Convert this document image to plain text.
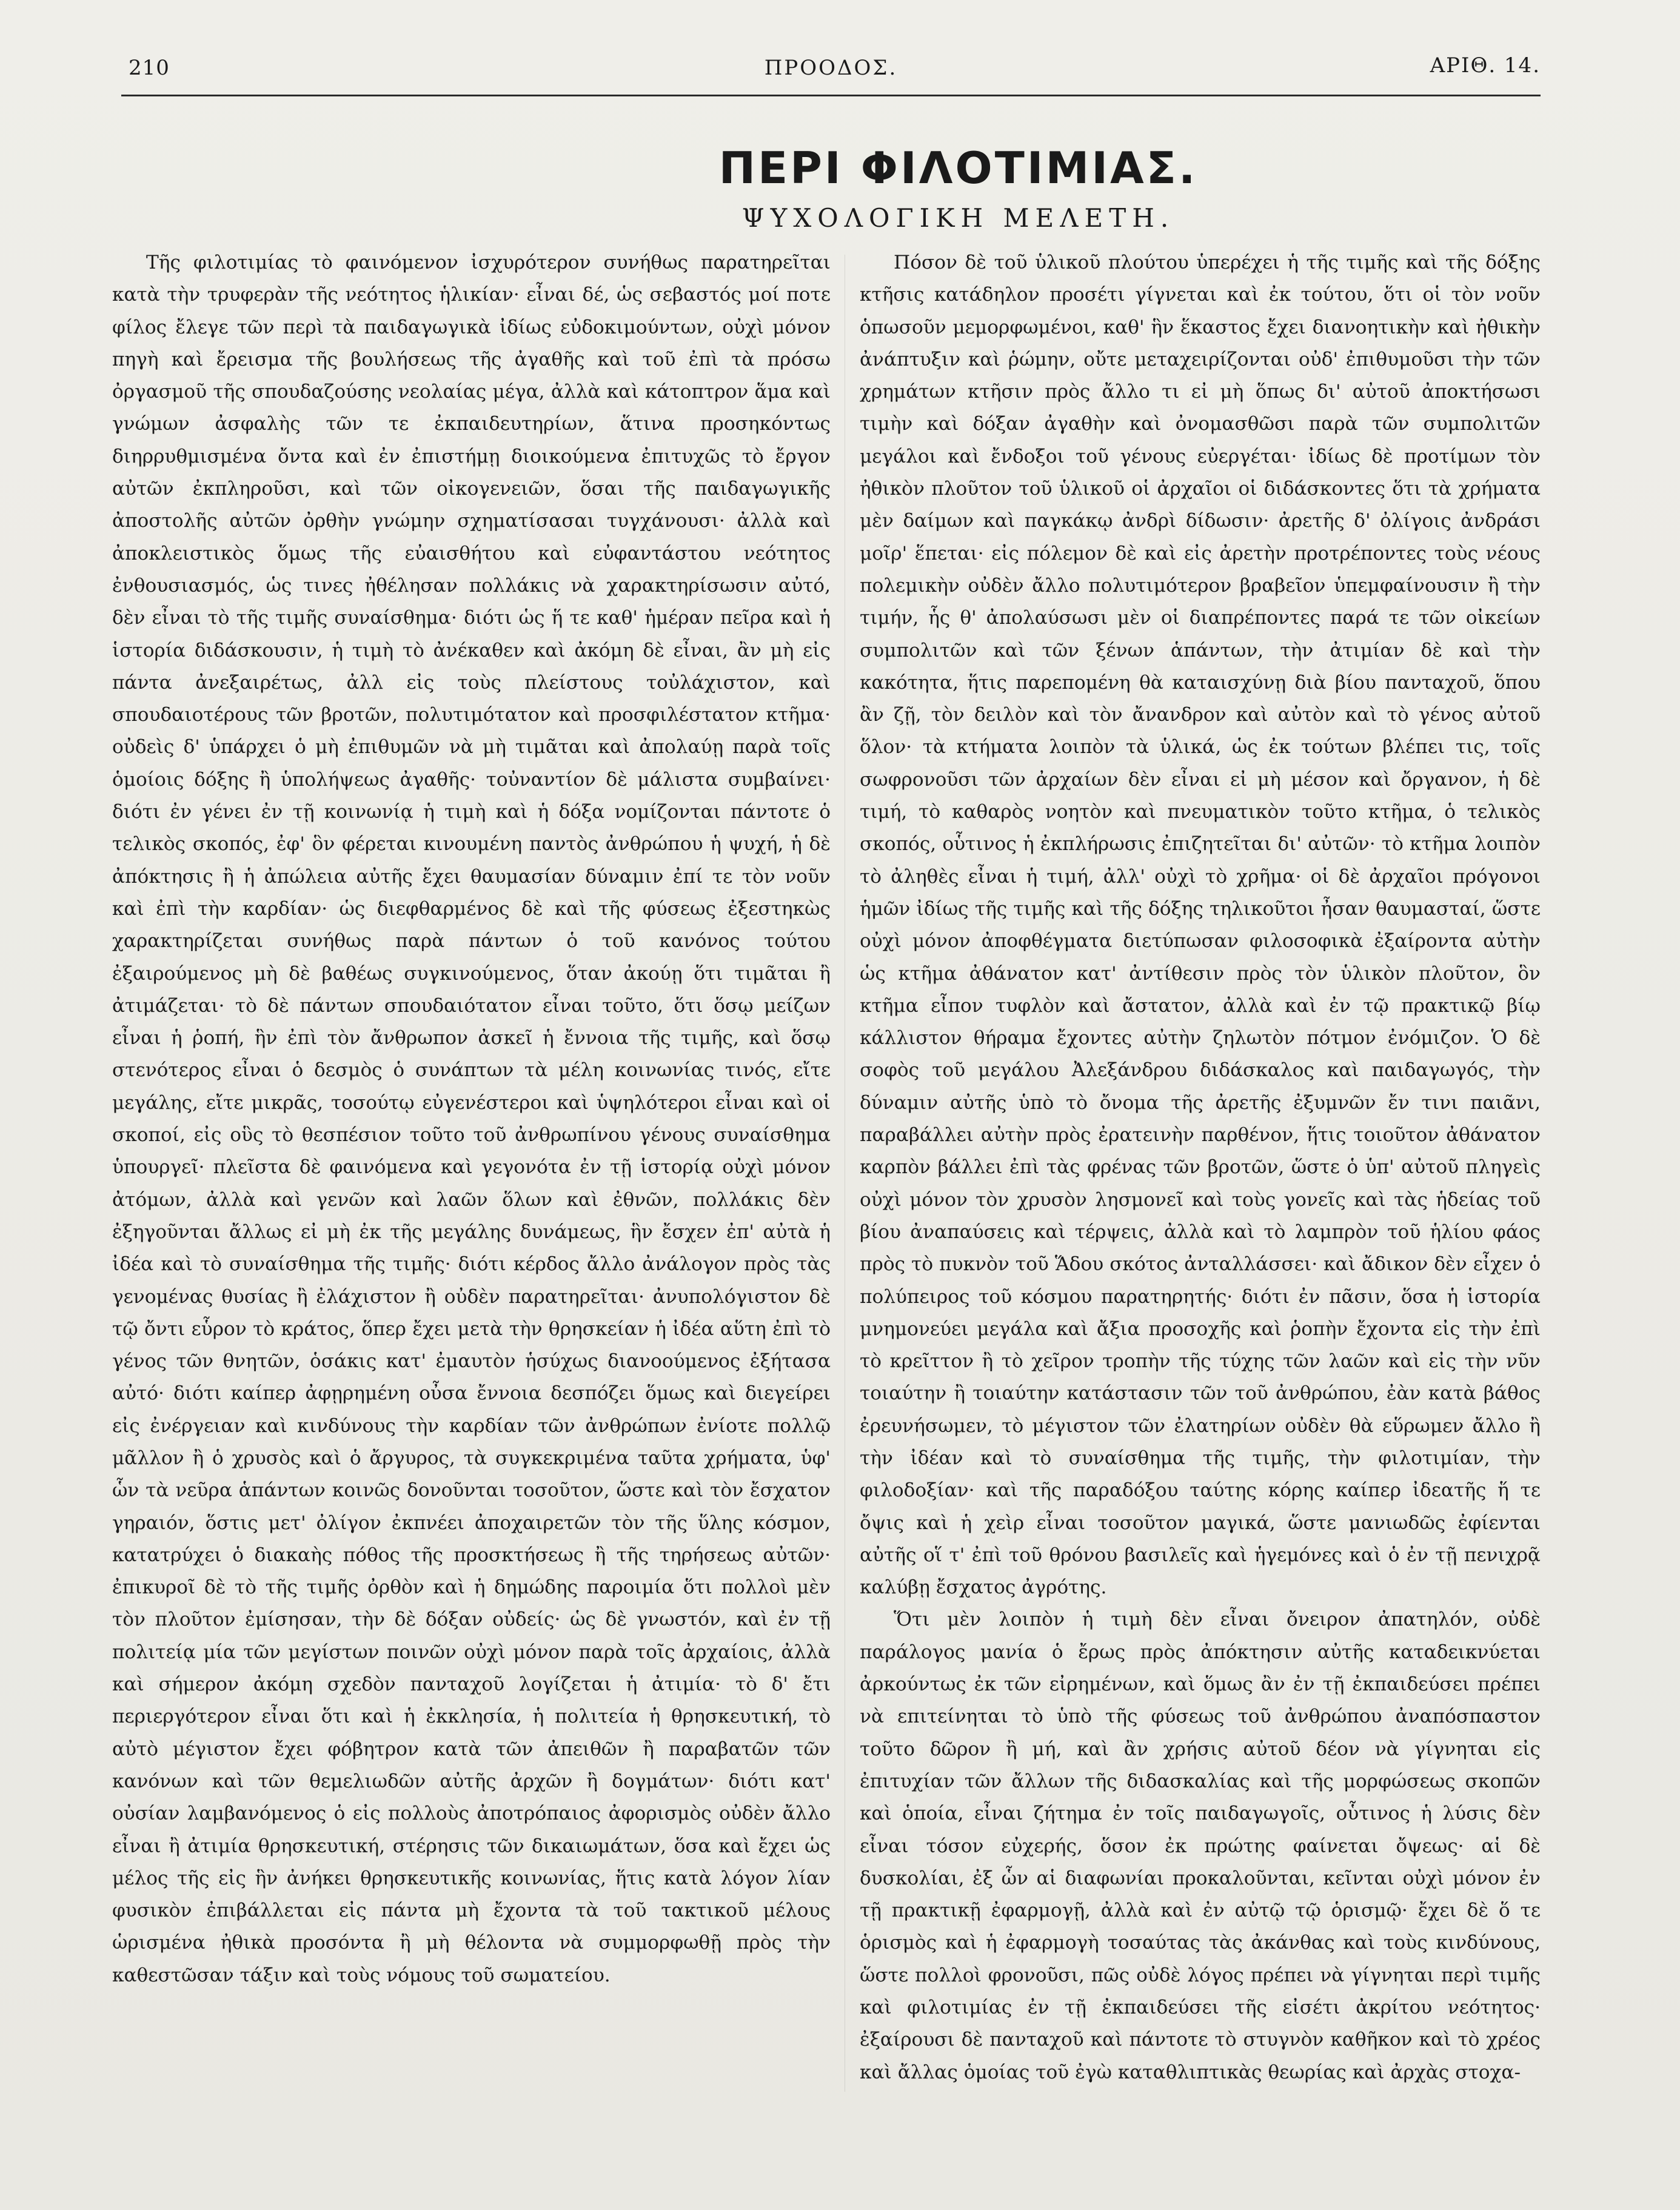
210	ΠΡΟΟΔΟΣ.	ΑΡΙΘ. 14.
ΠΕΡΙ ΦΙΛΟΤΙΜΙΑΣ.
ΨΥΧΟΛΟΓΙΚΗ ΜΕΛΕΤΗ.

Τῆς φιλοτιμίας τὸ φαινόμενον ἰσχυρότερον συνήθως παρατηρεῖται κατὰ τὴν τρυφερὰν τῆς νεότητος ἡλικίαν· εἶναι δέ, ὡς σεβαστός μοί ποτε φίλος ἔλεγε τῶν περὶ τὰ παιδαγωγικὰ ἰδίως εὐδοκιμούντων, οὐχὶ μόνον πηγὴ καὶ ἔρεισμα τῆς βουλήσεως τῆς ἀγαθῆς καὶ τοῦ ἐπὶ τὰ πρόσω ὀργασμοῦ τῆς σπουδαζούσης νεολαίας μέγα, ἀλλὰ καὶ κάτοπτρον ἅμα καὶ γνώμων ἀσφαλὴς τῶν τε ἐκπαιδευτηρίων, ἅτινα προσηκόντως διηρρυθμισμένα ὄντα καὶ ἐν ἐπιστήμῃ διοικούμενα ἐπιτυχῶς τὸ ἔργον αὐτῶν ἐκπληροῦσι, καὶ τῶν οἰκογενειῶν, ὅσαι τῆς παιδαγωγικῆς ἀποστολῆς αὐτῶν ὀρθὴν γνώμην σχηματίσασαι τυγχάνουσι· ἀλλὰ καὶ ἀποκλειστικὸς ὅμως τῆς εὐαισθήτου καὶ εὐφαντάστου νεότητος ἐνθουσιασμός, ὡς τινες ἠθέλησαν πολλάκις νὰ χαρακτηρίσωσιν αὐτό, δὲν εἶναι τὸ τῆς τιμῆς συναίσθημα· διότι ὡς ἥ τε καθ' ἡμέραν πεῖρα καὶ ἡ ἱστορία διδάσκουσιν, ἡ τιμὴ τὸ ἀνέκαθεν καὶ ἀκόμη δὲ εἶναι, ἂν μὴ εἰς πάντα ἀνεξαιρέτως, ἀλλ εἰς τοὺς πλείστους τοὐλάχιστον, καὶ σπουδαιοτέρους τῶν βροτῶν, πολυτιμότατον καὶ προσφιλέστατον κτῆμα· οὐδεὶς δ' ὑπάρχει ὁ μὴ ἐπιθυμῶν νὰ μὴ τιμᾶται καὶ ἀπολαύῃ παρὰ τοῖς ὁμοίοις δόξης ἢ ὑπολήψεως ἀγαθῆς· τοὐναντίον δὲ μάλιστα συμβαίνει· διότι ἐν γένει ἐν τῇ κοινωνίᾳ ἡ τιμὴ καὶ ἡ δόξα νομίζονται πάντοτε ὁ τελικὸς σκοπός, ἐφ' ὃν φέρεται κινουμένη παντὸς ἀνθρώπου ἡ ψυχή, ἡ δὲ ἀπόκτησις ἢ ἡ ἀπώλεια αὐτῆς ἔχει θαυμασίαν δύναμιν ἐπί τε τὸν νοῦν καὶ ἐπὶ τὴν καρδίαν· ὡς διεφθαρμένος δὲ καὶ τῆς φύσεως ἐξεστηκὼς χαρακτηρίζεται συνήθως παρὰ πάντων ὁ τοῦ κανόνος τούτου ἐξαιρούμενος μὴ δὲ βαθέως συγκινούμενος, ὅταν ἀκούῃ ὅτι τιμᾶται ἢ ἀτιμάζεται· τὸ δὲ πάντων σπουδαιότατον εἶναι τοῦτο, ὅτι ὅσῳ μείζων εἶναι ἡ ῥοπή, ἣν ἐπὶ τὸν ἄνθρωπον ἀσκεῖ ἡ ἔννοια τῆς τιμῆς, καὶ ὅσῳ στενότερος εἶναι ὁ δεσμὸς ὁ συνάπτων τὰ μέλη κοινωνίας τινός, εἴτε μεγάλης, εἴτε μικρᾶς, τοσούτῳ εὐγενέστεροι καὶ ὑψηλότεροι εἶναι καὶ οἱ σκοποί, εἰς οὓς τὸ θεσπέσιον τοῦτο τοῦ ἀνθρωπίνου γένους συναίσθημα ὑπουργεῖ· πλεῖστα δὲ φαινόμενα καὶ γεγονότα ἐν τῇ ἱστορίᾳ οὐχὶ μόνον ἀτόμων, ἀλλὰ καὶ γενῶν καὶ λαῶν ὅλων καὶ ἐθνῶν, πολλάκις δὲν ἐξηγοῦνται ἄλλως εἰ μὴ ἐκ τῆς μεγάλης δυνάμεως, ἣν ἔσχεν ἐπ' αὐτὰ ἡ ἰδέα καὶ τὸ συναίσθημα τῆς τιμῆς· διότι κέρδος ἄλλο ἀνάλογον πρὸς τὰς γενομένας θυσίας ἢ ἐλάχιστον ἢ οὐδὲν παρατηρεῖται· ἀνυπολόγιστον δὲ τῷ ὄντι εὗρον τὸ κράτος, ὅπερ ἔχει μετὰ τὴν θρησκείαν ἡ ἰδέα αὕτη ἐπὶ τὸ γένος τῶν θνητῶν, ὁσάκις κατ' ἐμαυτὸν ἡσύχως διανοούμενος ἐξήτασα αὐτό· διότι καίπερ ἀφῃρημένη οὖσα ἔννοια δεσπόζει ὅμως καὶ διεγείρει εἰς ἐνέργειαν καὶ κινδύνους τὴν καρδίαν τῶν ἀνθρώπων ἐνίοτε πολλῷ μᾶλλον ἢ ὁ χρυσὸς καὶ ὁ ἄργυρος, τὰ συγκεκριμένα ταῦτα χρήματα, ὑφ' ὧν τὰ νεῦρα ἁπάντων κοινῶς δονοῦνται τοσοῦτον, ὥστε καὶ τὸν ἔσχατον γηραιόν, ὅστις μετ' ὀλίγον ἐκπνέει ἀποχαιρετῶν τὸν τῆς ὕλης κόσμον, κατατρύχει ὁ διακαὴς πόθος τῆς προσκτήσεως ἢ τῆς τηρήσεως αὐτῶν· ἐπικυροῖ δὲ τὸ τῆς τιμῆς ὀρθὸν καὶ ἡ δημώδης παροιμία ὅτι πολλοὶ μὲν τὸν πλοῦτον ἐμίσησαν, τὴν δὲ δόξαν οὐδείς· ὡς δὲ γνωστόν, καὶ ἐν τῇ πολιτείᾳ μία τῶν μεγίστων ποινῶν οὐχὶ μόνον παρὰ τοῖς ἀρχαίοις, ἀλλὰ καὶ σήμερον ἀκόμη σχεδὸν πανταχοῦ λογίζεται ἡ ἀτιμία· τὸ δ' ἔτι περιεργότερον εἶναι ὅτι καὶ ἡ ἐκκλησία, ἡ πολιτεία ἡ θρησκευτική, τὸ αὐτὸ μέγιστον ἔχει φόβητρον κατὰ τῶν ἀπειθῶν ἢ παραβατῶν τῶν κανόνων καὶ τῶν θεμελιωδῶν αὐτῆς ἀρχῶν ἢ δογμάτων· διότι κατ' οὐσίαν λαμβανόμενος ὁ εἰς πολλοὺς ἀποτρόπαιος ἀφορισμὸς οὐδὲν ἄλλο εἶναι ἢ ἀτιμία θρησκευτική, στέρησις τῶν δικαιωμάτων, ὅσα καὶ ἔχει ὡς μέλος τῆς εἰς ἣν ἀνήκει θρησκευτικῆς κοινωνίας, ἥτις κατὰ λόγον λίαν φυσικὸν ἐπιβάλλεται εἰς πάντα μὴ ἔχοντα τὰ τοῦ τακτικοῦ μέλους ὡρισμένα ἠθικὰ προσόντα ἢ μὴ θέλοντα νὰ συμμορφωθῇ πρὸς τὴν καθεστῶσαν τάξιν καὶ τοὺς νόμους τοῦ σωματείου.

Πόσον δὲ τοῦ ὑλικοῦ πλούτου ὑπερέχει ἡ τῆς τιμῆς καὶ τῆς δόξης κτῆσις κατάδηλον προσέτι γίγνεται καὶ ἐκ τούτου, ὅτι οἱ τὸν νοῦν ὁπωσοῦν μεμορφωμένοι, καθ' ἣν ἕκαστος ἔχει διανοητικὴν καὶ ἠθικὴν ἀνάπτυξιν καὶ ῥώμην, οὔτε μεταχειρίζονται οὐδ' ἐπιθυμοῦσι τὴν τῶν χρημάτων κτῆσιν πρὸς ἄλλο τι εἰ μὴ ὅπως δι' αὐτοῦ ἀποκτήσωσι τιμὴν καὶ δόξαν ἀγαθὴν καὶ ὀνομασθῶσι παρὰ τῶν συμπολιτῶν μεγάλοι καὶ ἔνδοξοι τοῦ γένους εὐεργέται· ἰδίως δὲ προτίμων τὸν ἠθικὸν πλοῦτον τοῦ ὑλικοῦ οἱ ἀρχαῖοι οἱ διδάσκοντες ὅτι τὰ χρήματα μὲν δαίμων καὶ παγκάκῳ ἀνδρὶ δίδωσιν· ἀρετῆς δ' ὀλίγοις ἀνδράσι μοῖρ' ἕπεται· εἰς πόλεμον δὲ καὶ εἰς ἀρετὴν προτρέποντες τοὺς νέους πολεμικὴν οὐδὲν ἄλλο πολυτιμότερον βραβεῖον ὑπεμφαίνουσιν ἢ τὴν τιμήν, ἧς θ' ἀπολαύσωσι μὲν οἱ διαπρέποντες παρά τε τῶν οἰκείων συμπολιτῶν καὶ τῶν ξένων ἁπάντων, τὴν ἀτιμίαν δὲ καὶ τὴν κακότητα, ἥτις παρεπομένη θὰ καταισχύνῃ διὰ βίου πανταχοῦ, ὅπου ἂν ζῇ, τὸν δειλὸν καὶ τὸν ἄνανδρον καὶ αὐτὸν καὶ τὸ γένος αὐτοῦ ὅλον· τὰ κτήματα λοιπὸν τὰ ὑλικά, ὡς ἐκ τούτων βλέπει τις, τοῖς σωφρονοῦσι τῶν ἀρχαίων δὲν εἶναι εἰ μὴ μέσον καὶ ὄργανον, ἡ δὲ τιμή, τὸ καθαρὸς νοητὸν καὶ πνευματικὸν τοῦτο κτῆμα, ὁ τελικὸς σκοπός, οὗτινος ἡ ἐκπλήρωσις ἐπιζητεῖται δι' αὐτῶν· τὸ κτῆμα λοιπὸν τὸ ἀληθὲς εἶναι ἡ τιμή, ἀλλ' οὐχὶ τὸ χρῆμα· οἱ δὲ ἀρχαῖοι πρόγονοι ἡμῶν ἰδίως τῆς τιμῆς καὶ τῆς δόξης τηλικοῦτοι ἦσαν θαυμασταί, ὥστε οὐχὶ μόνον ἀποφθέγματα διετύπωσαν φιλοσοφικὰ ἐξαίροντα αὐτὴν ὡς κτῆμα ἀθάνατον κατ' ἀντίθεσιν πρὸς τὸν ὑλικὸν πλοῦτον, ὃν κτῆμα εἶπον τυφλὸν καὶ ἄστατον, ἀλλὰ καὶ ἐν τῷ πρακτικῷ βίῳ κάλλιστον θήραμα ἔχοντες αὐτὴν ζηλωτὸν πότμον ἐνόμιζον. Ὁ δὲ σοφὸς τοῦ μεγάλου Ἀλεξάνδρου διδάσκαλος καὶ παιδαγωγός, τὴν δύναμιν αὐτῆς ὑπὸ τὸ ὄνομα τῆς ἀρετῆς ἐξυμνῶν ἔν τινι παιᾶνι, παραβάλλει αὐτὴν πρὸς ἐρατεινὴν παρθένον, ἥτις τοιοῦτον ἀθάνατον καρπὸν βάλλει ἐπὶ τὰς φρένας τῶν βροτῶν, ὥστε ὁ ὑπ' αὐτοῦ πληγεὶς οὐχὶ μόνον τὸν χρυσὸν λησμονεῖ καὶ τοὺς γονεῖς καὶ τὰς ἡδείας τοῦ βίου ἀναπαύσεις καὶ τέρψεις, ἀλλὰ καὶ τὸ λαμπρὸν τοῦ ἡλίου φάος πρὸς τὸ πυκνὸν τοῦ Ἅδου σκότος ἀνταλλάσσει· καὶ ἄδικον δὲν εἶχεν ὁ πολύπειρος τοῦ κόσμου παρατηρητής· διότι ἐν πᾶσιν, ὅσα ἡ ἱστορία μνημονεύει μεγάλα καὶ ἄξια προσοχῆς καὶ ῥοπὴν ἔχοντα εἰς τὴν ἐπὶ τὸ κρεῖττον ἢ τὸ χεῖρον τροπὴν τῆς τύχης τῶν λαῶν καὶ εἰς τὴν νῦν τοιαύτην ἢ τοιαύτην κατάστασιν τῶν τοῦ ἀνθρώπου, ἐὰν κατὰ βάθος ἐρευνήσωμεν, τὸ μέγιστον τῶν ἐλατηρίων οὐδὲν θὰ εὕρωμεν ἄλλο ἢ τὴν ἰδέαν καὶ τὸ συναίσθημα τῆς τιμῆς, τὴν φιλοτιμίαν, τὴν φιλοδοξίαν· καὶ τῆς παραδόξου ταύτης κόρης καίπερ ἰδεατῆς ἥ τε ὄψις καὶ ἡ χεὶρ εἶναι τοσοῦτον μαγικά, ὥστε μανιωδῶς ἐφίενται αὐτῆς οἵ τ' ἐπὶ τοῦ θρόνου βασιλεῖς καὶ ἡγεμόνες καὶ ὁ ἐν τῇ πενιχρᾷ καλύβῃ ἔσχατος ἀγρότης.

Ὅτι μὲν λοιπὸν ἡ τιμὴ δὲν εἶναι ὄνειρον ἀπατηλόν, οὐδὲ παράλογος μανία ὁ ἔρως πρὸς ἀπόκτησιν αὐτῆς καταδεικνύεται ἀρκούντως ἐκ τῶν εἰρημένων, καὶ ὅμως ἂν ἐν τῇ ἐκπαιδεύσει πρέπει νὰ επιτείνηται τὸ ὑπὸ τῆς φύσεως τοῦ ἀνθρώπου ἀναπόσπαστον τοῦτο δῶρον ἢ μή, καὶ ἂν χρήσις αὐτοῦ δέον νὰ γίγνηται εἰς ἐπιτυχίαν τῶν ἄλλων τῆς διδασκαλίας καὶ τῆς μορφώσεως σκοπῶν καὶ ὁποία, εἶναι ζήτημα ἐν τοῖς παιδαγωγοῖς, οὗτινος ἡ λύσις δὲν εἶναι τόσον εὐχερής, ὅσον ἐκ πρώτης φαίνεται ὄψεως· αἱ δὲ δυσκολίαι, ἐξ ὧν αἱ διαφωνίαι προκαλοῦνται, κεῖνται οὐχὶ μόνον ἐν τῇ πρακτικῇ ἐφαρμογῇ, ἀλλὰ καὶ ἐν αὐτῷ τῷ ὁρισμῷ· ἔχει δὲ ὅ τε ὁρισμὸς καὶ ἡ ἐφαρμογὴ τοσαύτας τὰς ἀκάνθας καὶ τοὺς κινδύνους, ὥστε πολλοὶ φρονοῦσι, πῶς οὐδὲ λόγος πρέπει νὰ γίγνηται περὶ τιμῆς καὶ φιλοτιμίας ἐν τῇ ἐκπαιδεύσει τῆς εἰσέτι ἀκρίτου νεότητος· ἐξαίρουσι δὲ πανταχοῦ καὶ πάντοτε τὸ στυγνὸν καθῆκον καὶ τὸ χρέος καὶ ἄλλας ὁμοίας τοῦ ἐγὼ καταθλιπτικὰς θεωρίας καὶ ἀρχὰς στοχα-
